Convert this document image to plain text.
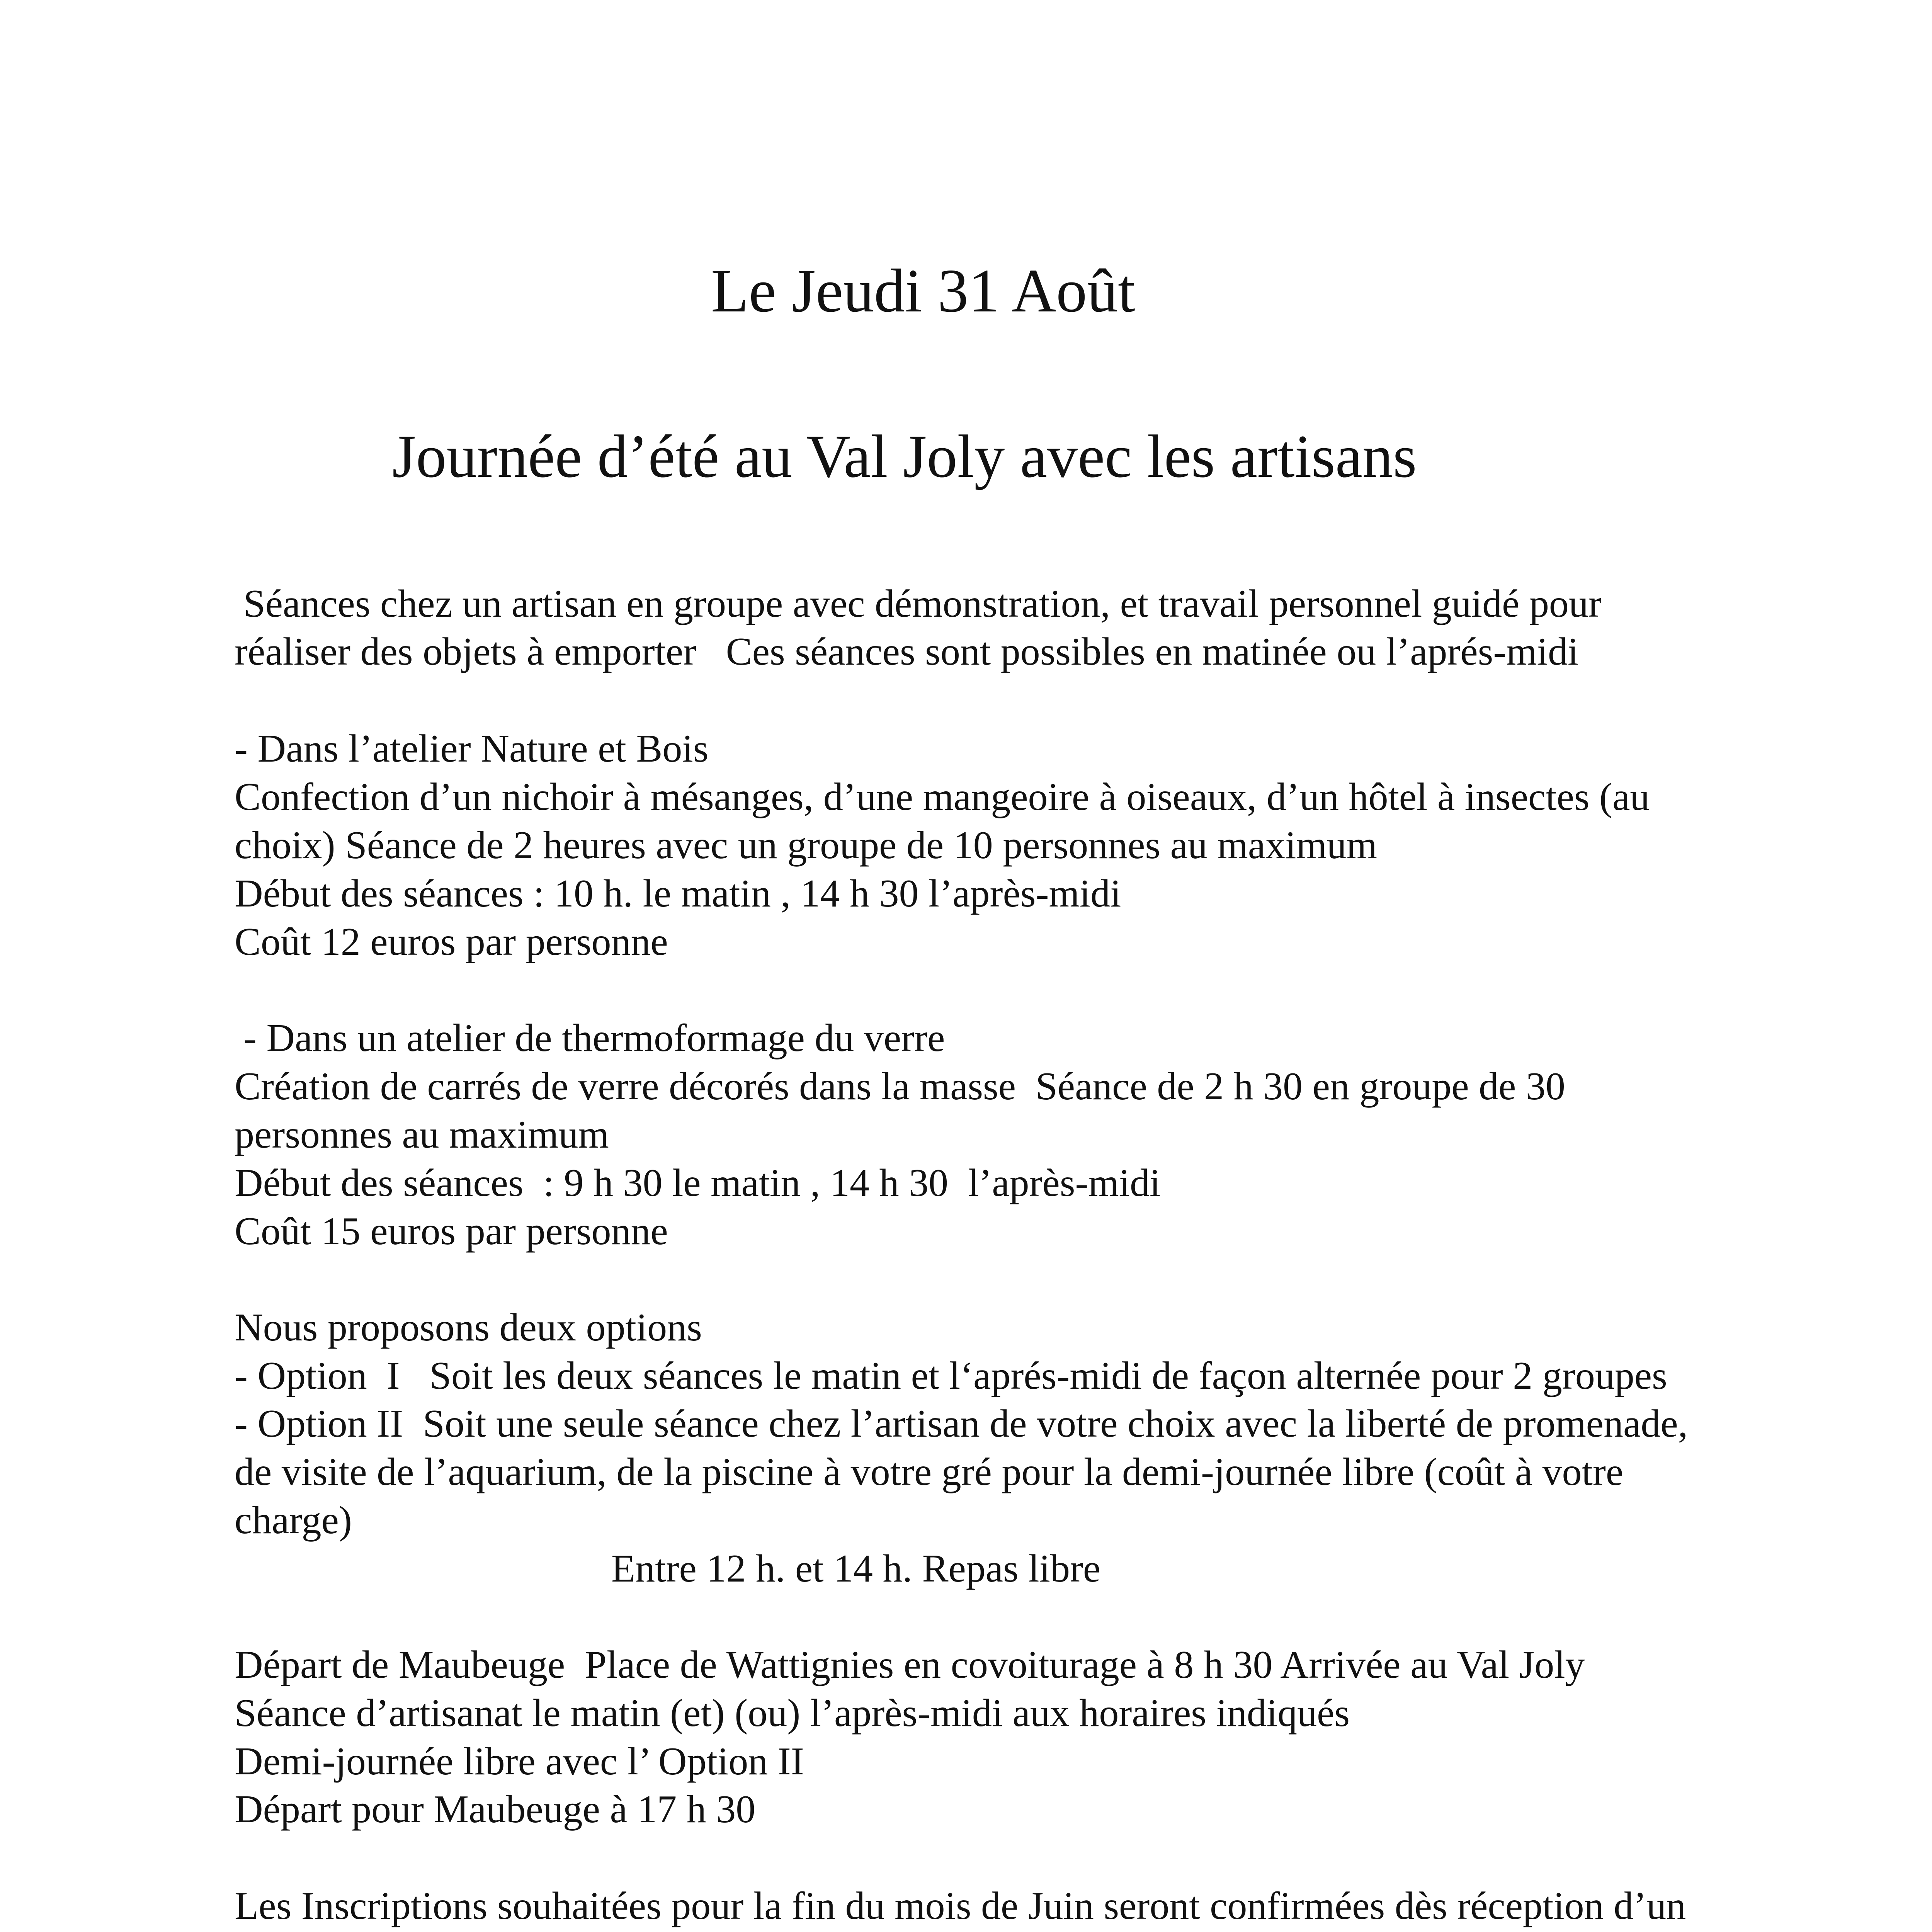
Le Jeudi 31 Août

Journée d’été au Val Joly avec les artisans

Séances chez un artisan en groupe avec démonstration, et travail personnel guidé pour

réaliser des objets à emporter   Ces séances sont possibles en matinée ou l’aprés-midi

- Dans l’atelier Nature et Bois

Confection d’un nichoir à mésanges, d’une mangeoire à oiseaux, d’un hôtel à insectes (au

choix) Séance de 2 heures avec un groupe de 10 personnes au maximum

Début des séances : 10 h. le matin , 14 h 30 l’après-midi

Coût 12 euros par personne

- Dans un atelier de thermoformage du verre

Création de carrés de verre décorés dans la masse  Séance de 2 h 30 en groupe de 30

personnes au maximum

Début des séances  : 9 h 30 le matin , 14 h 30  l’après-midi

Coût 15 euros par personne

Nous proposons deux options

- Option  I   Soit les deux séances le matin et l‘aprés-midi de façon alternée pour 2 groupes

- Option II  Soit une seule séance chez l’artisan de votre choix avec la liberté de promenade,

de visite de l’aquarium, de la piscine à votre gré pour la demi-journée libre (coût à votre

charge)

Entre 12 h. et 14 h. Repas libre

Départ de Maubeuge  Place de Wattignies en covoiturage à 8 h 30 Arrivée au Val Joly

Séance d’artisanat le matin (et) (ou) l’après-midi aux horaires indiqués

Demi-journée libre avec l’ Option II

Départ pour Maubeuge à 17 h 30

Les Inscriptions souhaitées pour la fin du mois de Juin seront confirmées dès réception d’un
